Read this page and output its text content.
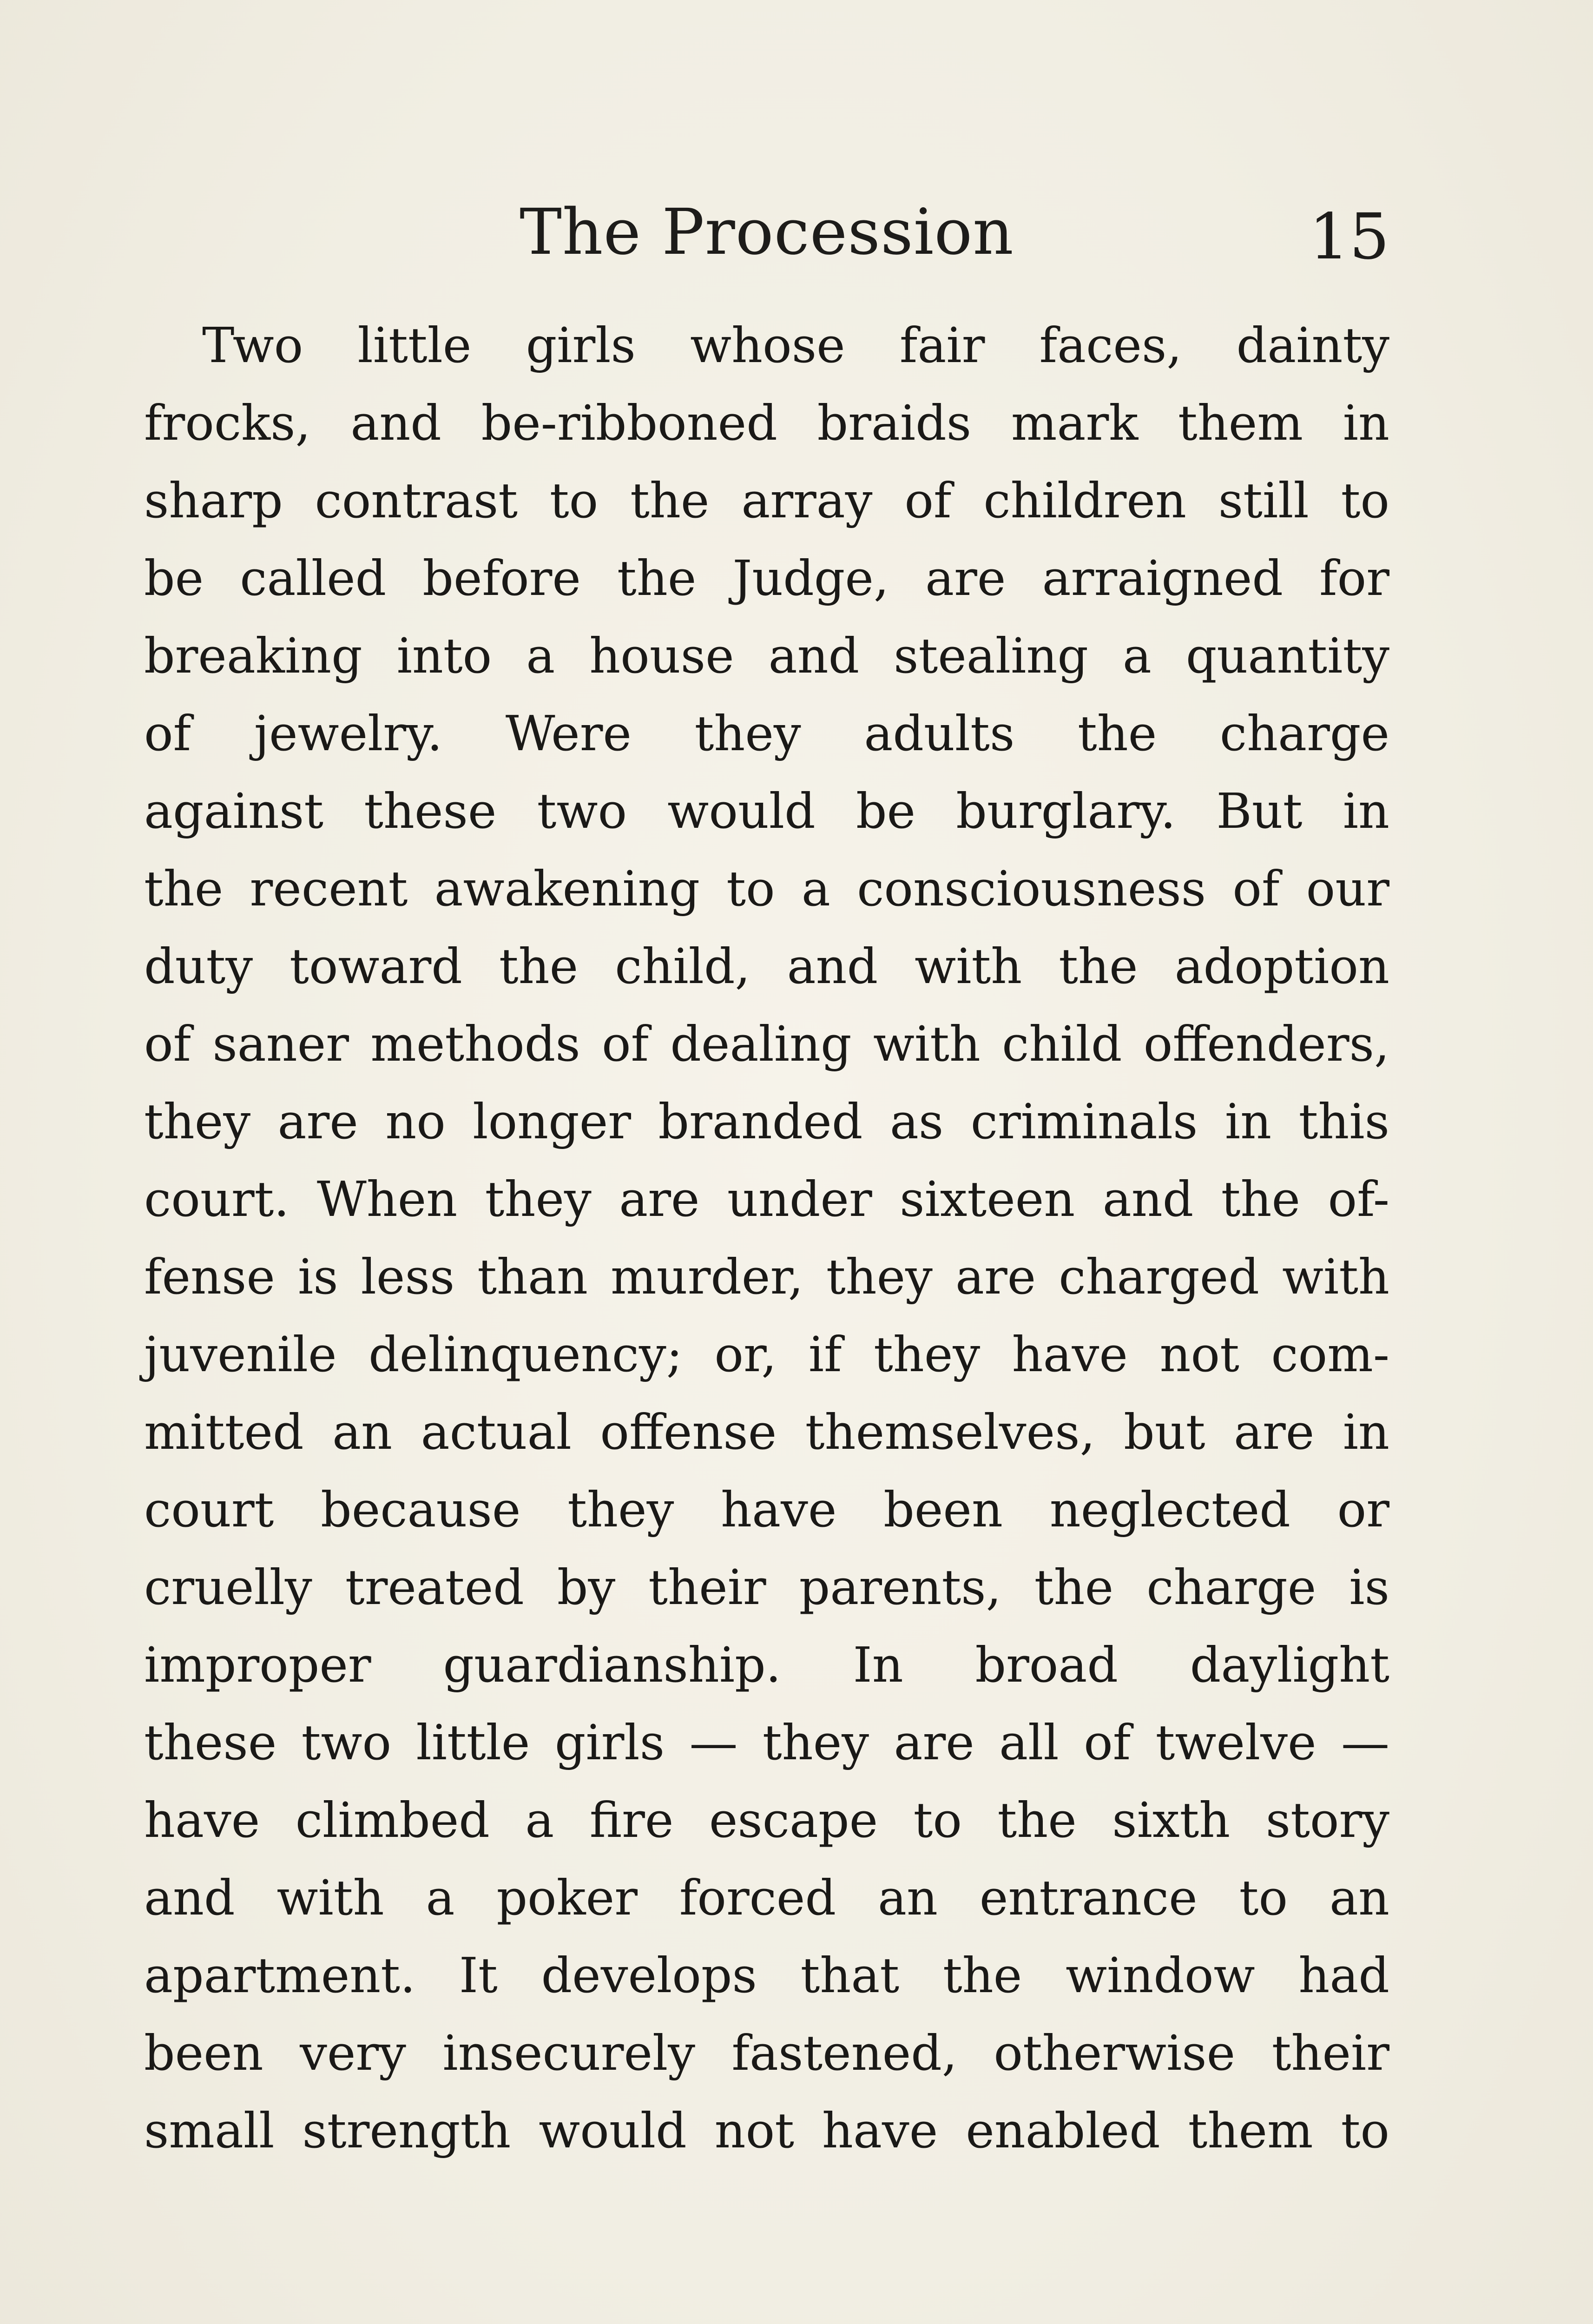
The Procession	15
Two little girls whose fair faces, dainty
frocks, and be-ribboned braids mark them in
sharp contrast to the array of children still to
be called before the Judge, are arraigned for
breaking into a house and stealing a quantity
of jewelry. Were they adults the charge
against these two would be burglary. But in
the recent awakening to a consciousness of our
duty toward the child, and with the adoption
of saner methods of dealing with child offenders,
they are no longer branded as criminals in this
court. When they are under sixteen and the of-
fense is less than murder, they are charged with
juvenile delinquency; or, if they have not com-
mitted an actual offense themselves, but are in
court because they have been neglected or
cruelly treated by their parents, the charge is
improper guardianship. In broad daylight
these two little girls — they are all of twelve —
have climbed a fire escape to the sixth story
and with a poker forced an entrance to an
apartment. It develops that the window had
been very insecurely fastened, otherwise their
small strength would not have enabled them to
